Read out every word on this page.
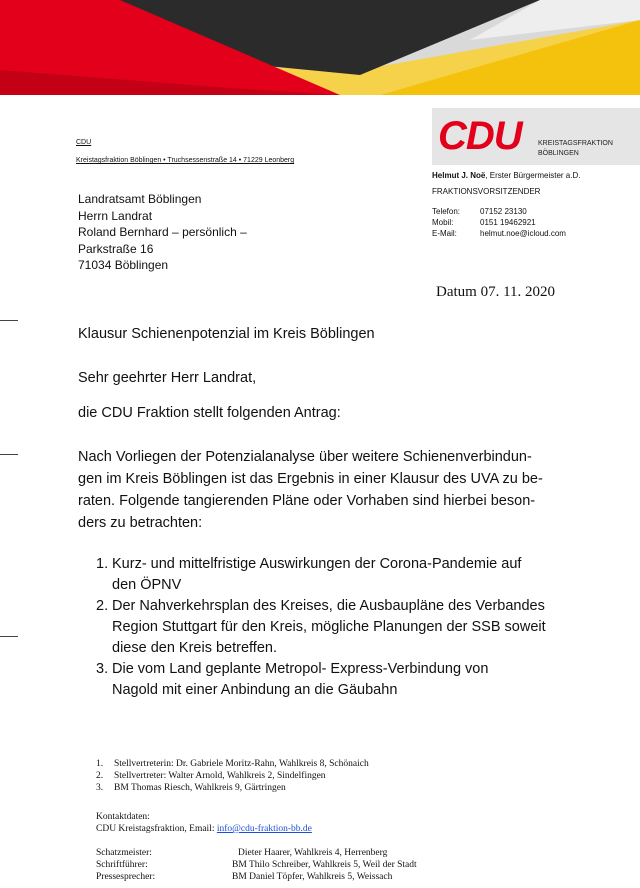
CDU KREISTAGSFRAKTION
BÖBLINGEN
CDU
Kreistagsfraktion Böblingen • Truchsessenstraße 14 • 71229 Leonberg
Landratsamt Böblingen
Herrn Landrat
Roland Bernhard – persönlich –
Parkstraße 16
71034 Böblingen
Helmut J. Noë, Erster Bürgermeister a.D.
FRAKTIONSVORSITZENDER
Telefon: 07152 23130
Mobil:	0151 19462921
E-Mail:	helmut.noe@icloud.com
Datum 07. 11. 2020
Klausur Schienenpotenzial im Kreis Böblingen
Sehr geehrter Herr Landrat,
die CDU Fraktion stellt folgenden Antrag:
Nach Vorliegen der Potenzialanalyse über weitere Schienenverbindun-
gen im Kreis Böblingen ist das Ergebnis in einer Klausur des UVA zu be-
raten. Folgende tangierenden Pläne oder Vorhaben sind hierbei beson-
ders zu betrachten:
1. Kurz- und mittelfristige Auswirkungen der Corona-Pandemie auf
den ÖPNV
2. Der Nahverkehrsplan des Kreises, die Ausbaupläne des Verbandes
Region Stuttgart für den Kreis, mögliche Planungen der SSB soweit
diese den Kreis betreffen.
3. Die vom Land geplante Metropol- Express-Verbindung von
Nagold mit einer Anbindung an die Gäubahn
1. Stellvertreterin: Dr. Gabriele Moritz-Rahn, Wahlkreis 8, Schönaich
2. Stellvertreter: Walter Arnold, Wahlkreis 2, Sindelfingen
3. BM Thomas Riesch, Wahlkreis 9, Gärtringen
Kontaktdaten:
CDU Kreistagsfraktion, Email: info@cdu-fraktion-bb.de
Schatzmeister:	Dieter Haarer, Wahlkreis 4, Herrenberg
Schriftführer:	BM Thilo Schreiber, Wahlkreis 5, Weil der Stadt
Pressesprecher:	BM Daniel Töpfer, Wahlkreis 5, Weissach
